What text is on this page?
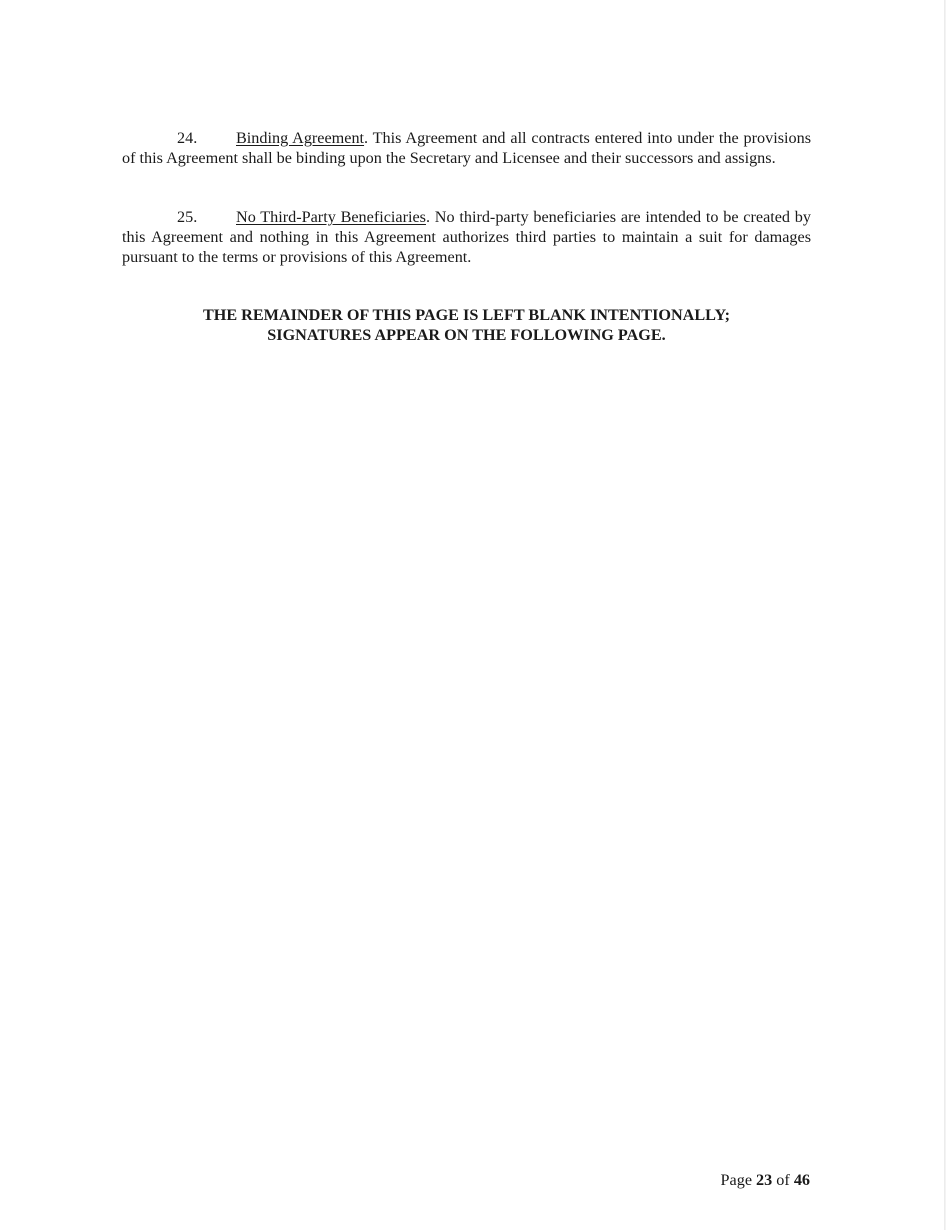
24. Binding Agreement. This Agreement and all contracts entered into under the provisions of this Agreement shall be binding upon the Secretary and Licensee and their successors and assigns.

25. No Third-Party Beneficiaries. No third-party beneficiaries are intended to be created by this Agreement and nothing in this Agreement authorizes third parties to maintain a suit for damages pursuant to the terms or provisions of this Agreement.

THE REMAINDER OF THIS PAGE IS LEFT BLANK INTENTIONALLY;
SIGNATURES APPEAR ON THE FOLLOWING PAGE.
Page 23 of 46
